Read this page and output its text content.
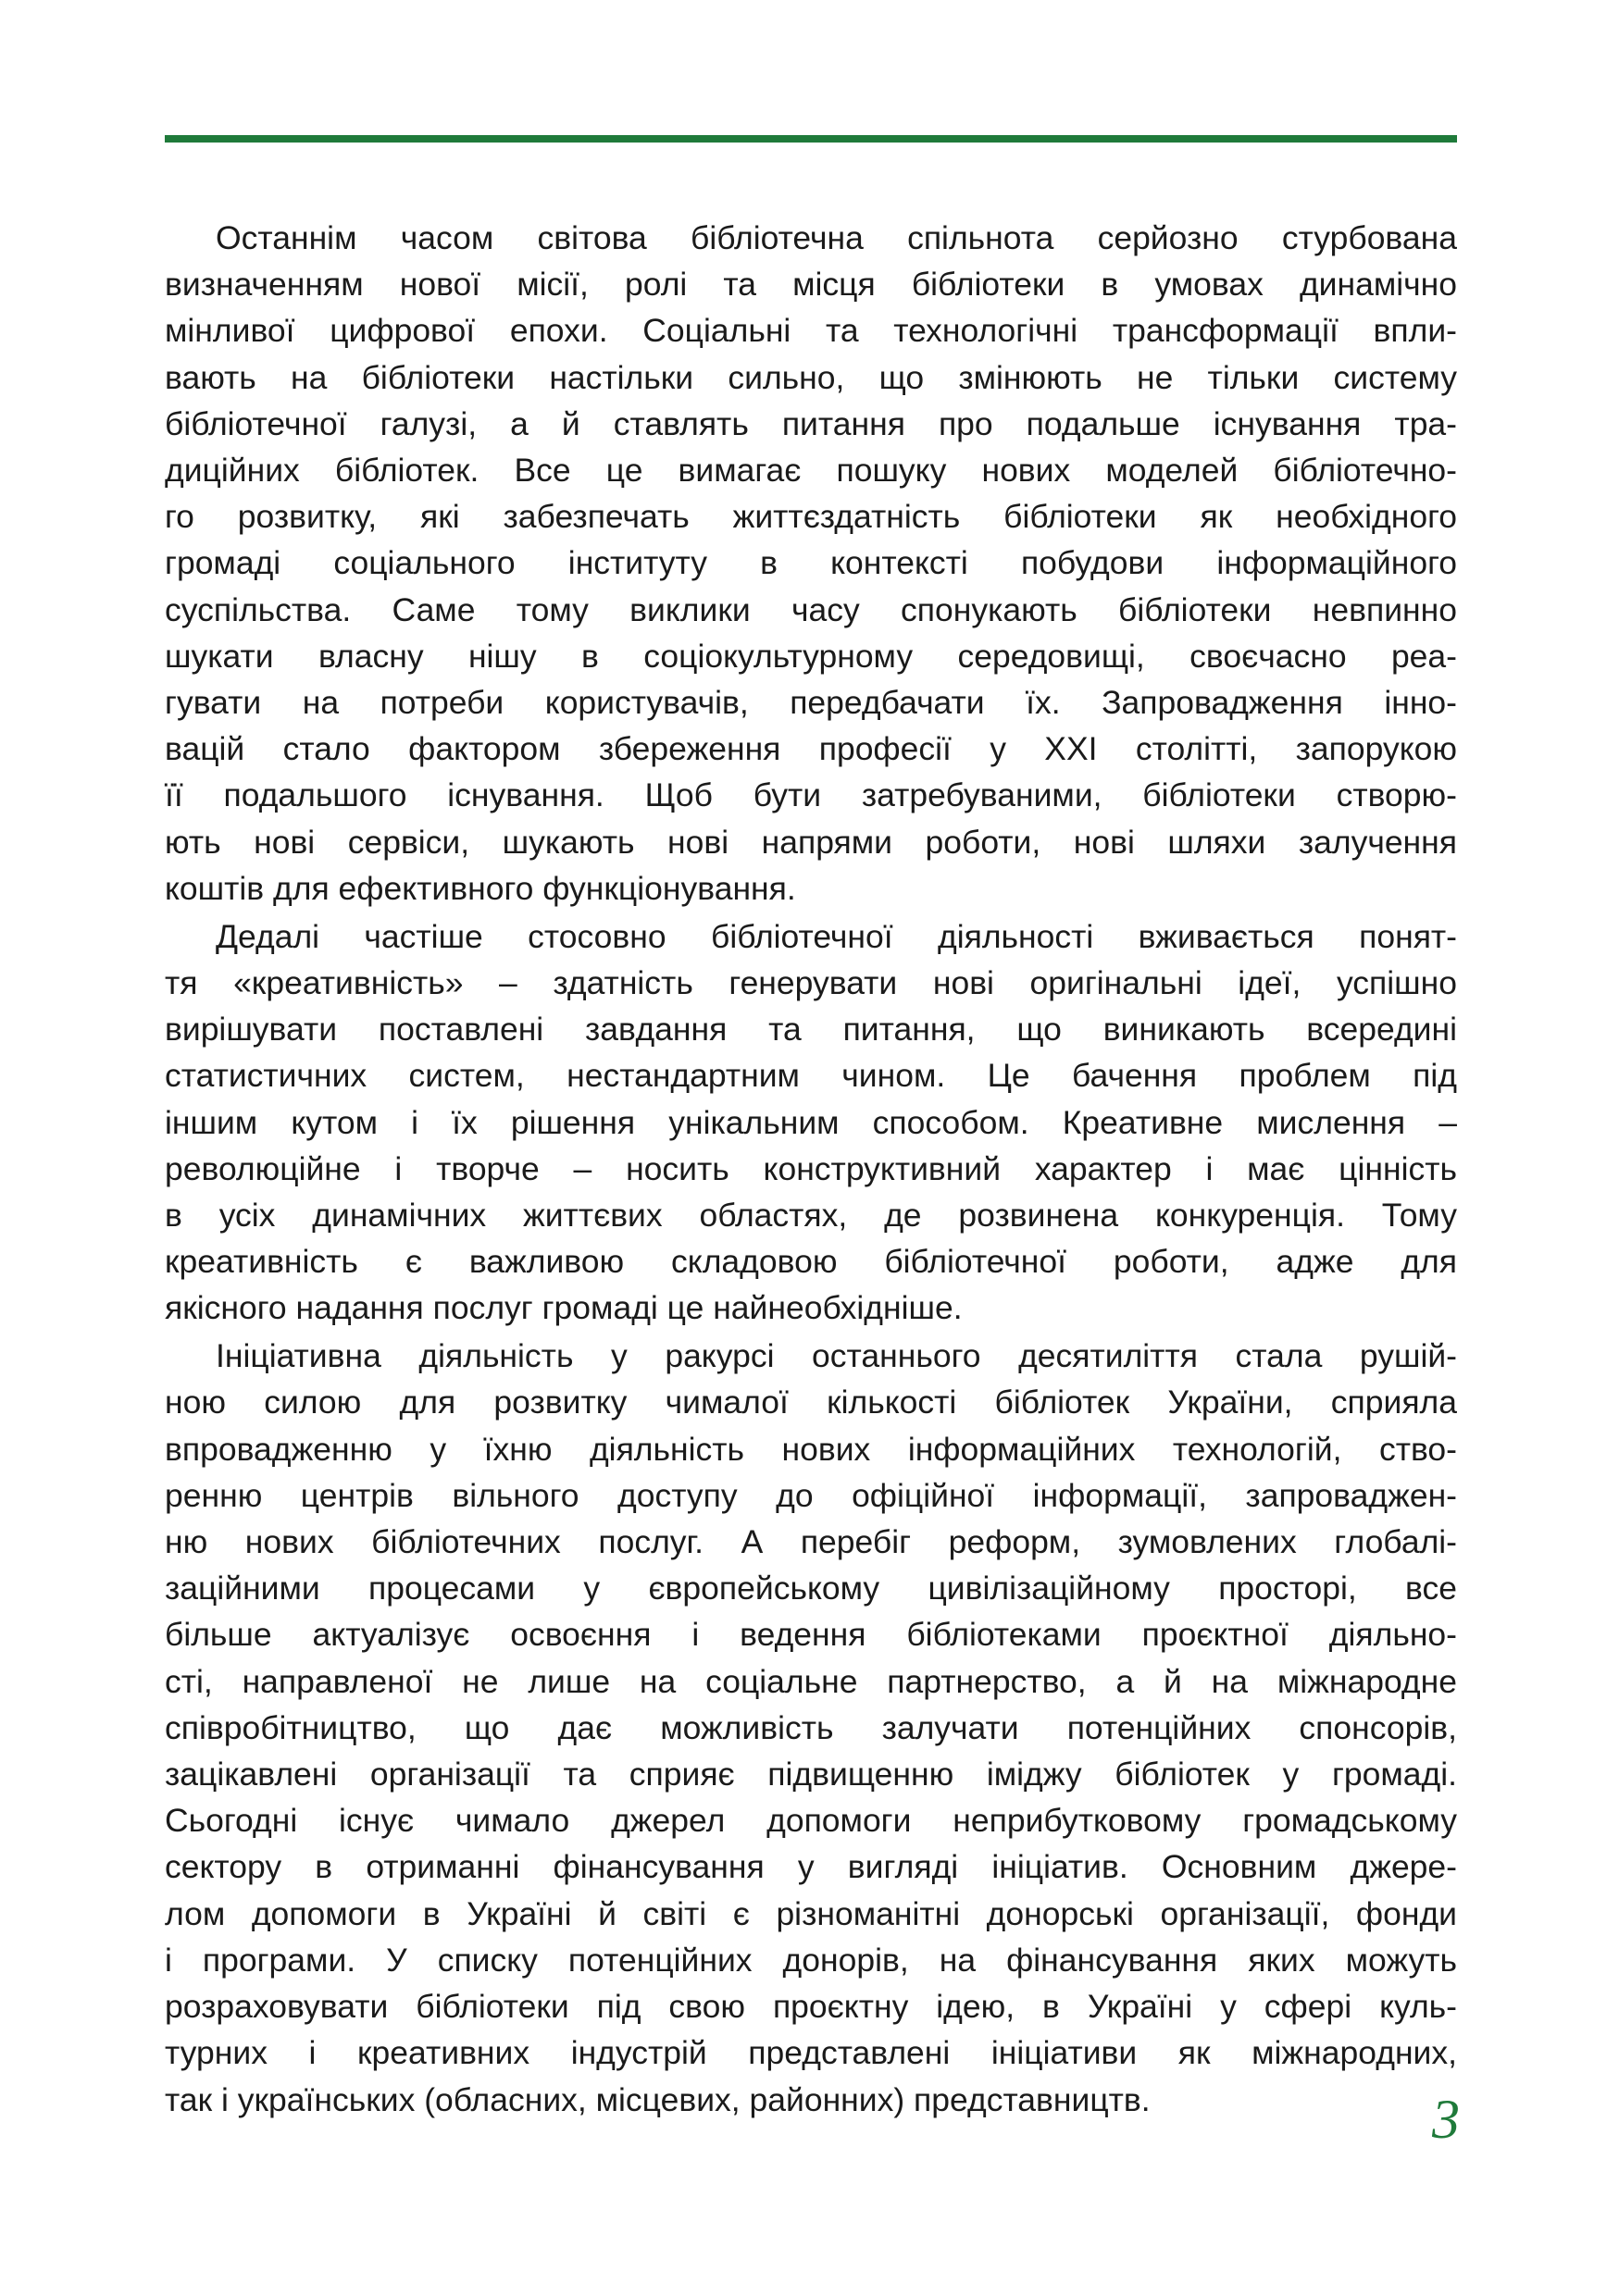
Останнім часом світова бібліотечна спільнота серйозно стурбована
визначенням нової місії, ролі та місця бібліотеки в умовах динамічно
мінливої цифрової епохи. Соціальні та технологічні трансформації впли-
вають на бібліотеки настільки сильно, що змінюють не тільки систему
бібліотечної галузі, а й ставлять питання про подальше існування тра-
диційних бібліотек. Все це вимагає пошуку нових моделей бібліотечно-
го розвитку, які забезпечать життєздатність бібліотеки як необхідного
громаді соціального інституту в контексті побудови інформаційного
суспільства. Саме тому виклики часу спонукають бібліотеки невпинно
шукати власну нішу в соціокультурному середовищі, своєчасно реа-
гувати на потреби користувачів, передбачати їх. Запровадження інно-
вацій стало фактором збереження професії у ХХІ столітті, запорукою
її подальшого існування. Щоб бути затребуваними, бібліотеки створю-
ють нові сервіси, шукають нові напрями роботи, нові шляхи залучення
коштів для ефективного функціонування.
Дедалі частіше стосовно бібліотечної діяльності вживається понят-
тя «креативність» – здатність генерувати нові оригінальні ідеї, успішно
вирішувати поставлені завдання та питання, що виникають всередині
статистичних систем, нестандартним чином. Це бачення проблем під
іншим кутом і їх рішення унікальним способом. Креативне мислення –
революційне і творче – носить конструктивний характер і має цінність
в усіх динамічних життєвих областях, де розвинена конкуренція. Тому
креативність є важливою складовою бібліотечної роботи, адже для
якісного надання послуг громаді це найнеобхідніше.
Ініціативна діяльність у ракурсі останнього десятиліття стала рушій-
ною силою для розвитку чималої кількості бібліотек України, сприяла
впровадженню у їхню діяльність нових інформаційних технологій, ство-
ренню центрів вільного доступу до офіційної інформації, запроваджен-
ню нових бібліотечних послуг. А перебіг реформ, зумовлених глобалі-
заційними процесами у європейському цивілізаційному просторі, все
більше актуалізує освоєння і ведення бібліотеками проєктної діяльно-
сті, направленої не лише на соціальне партнерство, а й на міжнародне
співробітництво, що дає можливість залучати потенційних спонсорів,
зацікавлені організації та сприяє підвищенню іміджу бібліотек у громаді.
Сьогодні існує чимало джерел допомоги неприбутковому громадському
сектору в отриманні фінансування у вигляді ініціатив. Основним джере-
лом допомоги в Україні й світі є різноманітні донорські організації, фонди
і програми. У списку потенційних донорів, на фінансування яких можуть
розраховувати бібліотеки під свою проєктну ідею, в Україні у сфері куль-
турних і креативних індустрій представлені ініціативи як міжнародних,
так і українських (обласних, місцевих, районних) представництв.	3
